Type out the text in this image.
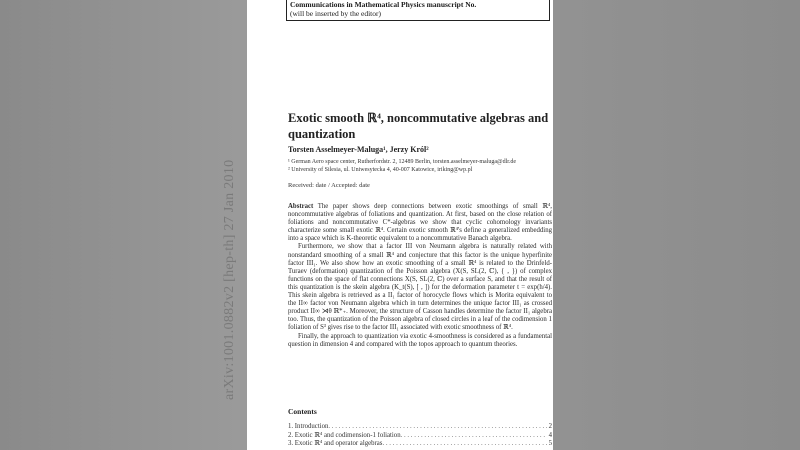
Communications in Mathematical Physics manuscript No.
(will be inserted by the editor)
Exotic smooth ℝ⁴, noncommutative algebras and quantization
Torsten Asselmeyer-Maluga¹, Jerzy Król²
¹ German Aero space center, Rutherfordstr. 2, 12489 Berlin, torsten.asselmeyer-maluga@dlr.de
² University of Silesia, ul. Uniwesytecka 4, 40-007 Katowice, iriking@wp.pl
Received: date / Accepted: date

Abstract The paper shows deep connections between exotic smoothings of small ℝ⁴, noncommutative algebras of foliations and quantization. At first, based on the close relation of foliations and noncommutative C*-algebras we show that cyclic cohomology invariants characterize some small exotic ℝ⁴. Certain exotic smooth ℝ⁴'s define a generalized embedding into a space which is K-theoretic equivalent to a noncommutative Banach algebra.

Furthermore, we show that a factor III von Neumann algebra is naturally related with nonstandard smoothing of a small ℝ⁴ and conjecture that this factor is the unique hyperfinite factor III₁. We also show how an exotic smoothing of a small ℝ⁴ is related to the Drinfeld-Turaev (deformation) quantization of the Poisson algebra (X(S, SL(2, ℂ), { , }) of complex functions on the space of flat connections X(S, SL(2, ℂ) over a surface S, and that the result of this quantization is the skein algebra (K_t(S), [ , ]) for the deformation parameter t = exp(h/4). This skein algebra is retrieved as a II₁ factor of horocycle flows which is Morita equivalent to the II∞ factor von Neumann algebra which in turn determines the unique factor III₁ as crossed product II∞ ⋊θ ℝ*₊. Moreover, the structure of Casson handles determine the factor II₁ algebra too. Thus, the quantization of the Poisson algebra of closed circles in a leaf of the codimension 1 foliation of S³ gives rise to the factor III₁ associated with exotic smoothness of ℝ⁴.

Finally, the approach to quantization via exotic 4-smoothness is considered as a fundamental question in dimension 4 and compared with the topos approach to quantum theories.

Contents
1. Introduction . . .	2
2. Exotic ℝ⁴ and codimension-1 foliation . . .	4
3. Exotic ℝ⁴ and operator algebras . . .	5
arXiv:1001.0882v2 [hep-th] 27 Jan 2010
